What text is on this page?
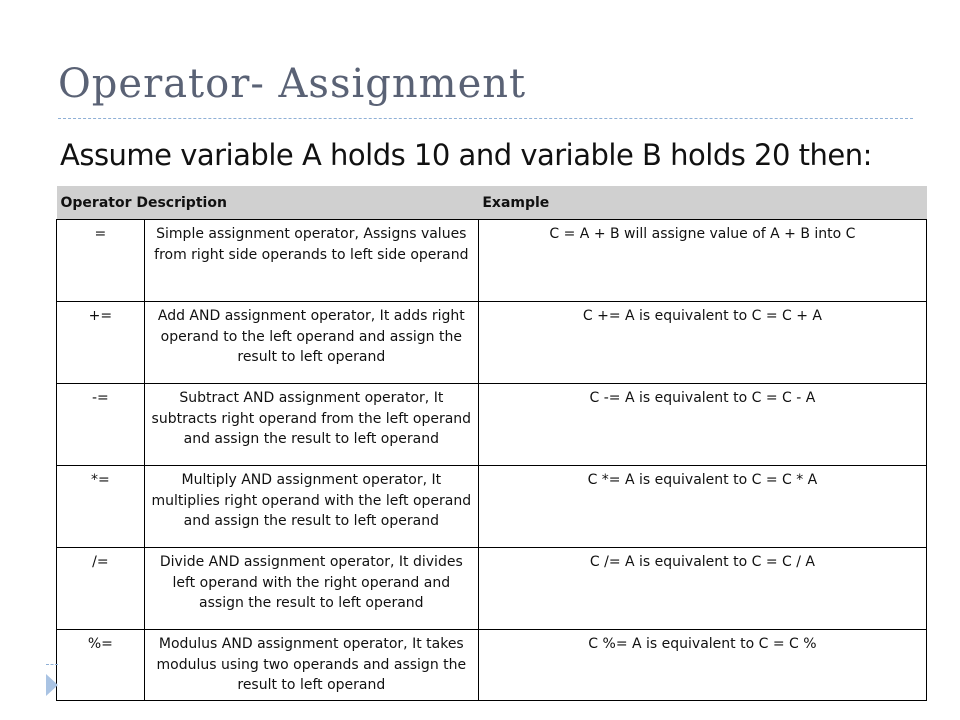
Operator- Assignment

Assume variable A holds 10 and variable B holds 20 then:

Operator Description		Example
=	Simple assignment operator, Assigns values from right side operands to left side operand	C = A + B will assigne value of A + B into C
+=	Add AND assignment operator, It adds right operand to the left operand and assign the result to left operand	C += A is equivalent to C = C + A
-=	Subtract AND assignment operator, It subtracts right operand from the left operand and assign the result to left operand	C -= A is equivalent to C = C - A
*=	Multiply AND assignment operator, It multiplies right operand with the left operand and assign the result to left operand	C *= A is equivalent to C = C * A
/=	Divide AND assignment operator, It divides left operand with the right operand and assign the result to left operand	C /= A is equivalent to C = C / A
%=	Modulus AND assignment operator, It takes modulus using two operands and assign the result to left operand	C %= A is equivalent to C = C %
